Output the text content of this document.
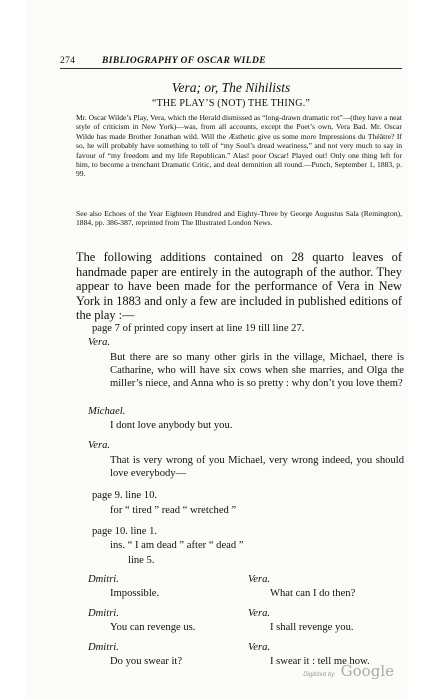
274	BIBLIOGRAPHY OF OSCAR WILDE
Vera; or, The Nihilists
“THE PLAY’S (NOT) THE THING.”
Mr. Oscar Wilde’s Play, Vera, which the Herald dismissed as “long-drawn dramatic rot”—(they have a neat style of criticism in New York)—was, from all accounts, except the Poet’s own, Vera Bad. Mr. Oscar Wilde has made Brother Jonathan wild. Will the Æsthetic give us some more Impressions du Théâtre? If so, he will probably have something to tell of “my Soul’s dread weariness,” and not very much to say in favour of “my freedom and my life Republican.” Alas! poor Oscar! Played out! Only one thing left for him, to become a trenchant Dramatic Critic, and deal demnition all round.—Punch, September 1, 1883, p. 99.
See also Echoes of the Year Eighteen Hundred and Eighty-Three by George Augustus Sala (Remington), 1884, pp. 386-387, reprinted from The Illustrated London News.
The following additions contained on 28 quarto leaves of handmade paper are entirely in the autograph of the author. They appear to have been made for the performance of Vera in New York in 1883 and only a few are included in published editions of the play :—
page 7 of printed copy insert at line 19 till line 27.
Vera.
But there are so many other girls in the village, Michael, there is Catharine, who will have six cows when she marries, and Olga the miller’s niece, and Anna who is so pretty : why don’t you love them?
Michael.
I dont love anybody but you.
Vera.
That is very wrong of you Michael, very wrong indeed, you should love everybody—
page 9. line 10.
for “ tired ” read “ wretched ”
page 10. line 1.
ins. “ I am dead ” after “ dead ”
line 5.
Dmitri.
Impossible.
Dmitri.
You can revenge us.
Dmitri.
Do you swear it?
Vera.
What can I do then?
Vera.
I shall revenge you.
Vera.
I swear it : tell me how.
Digitized by Google
